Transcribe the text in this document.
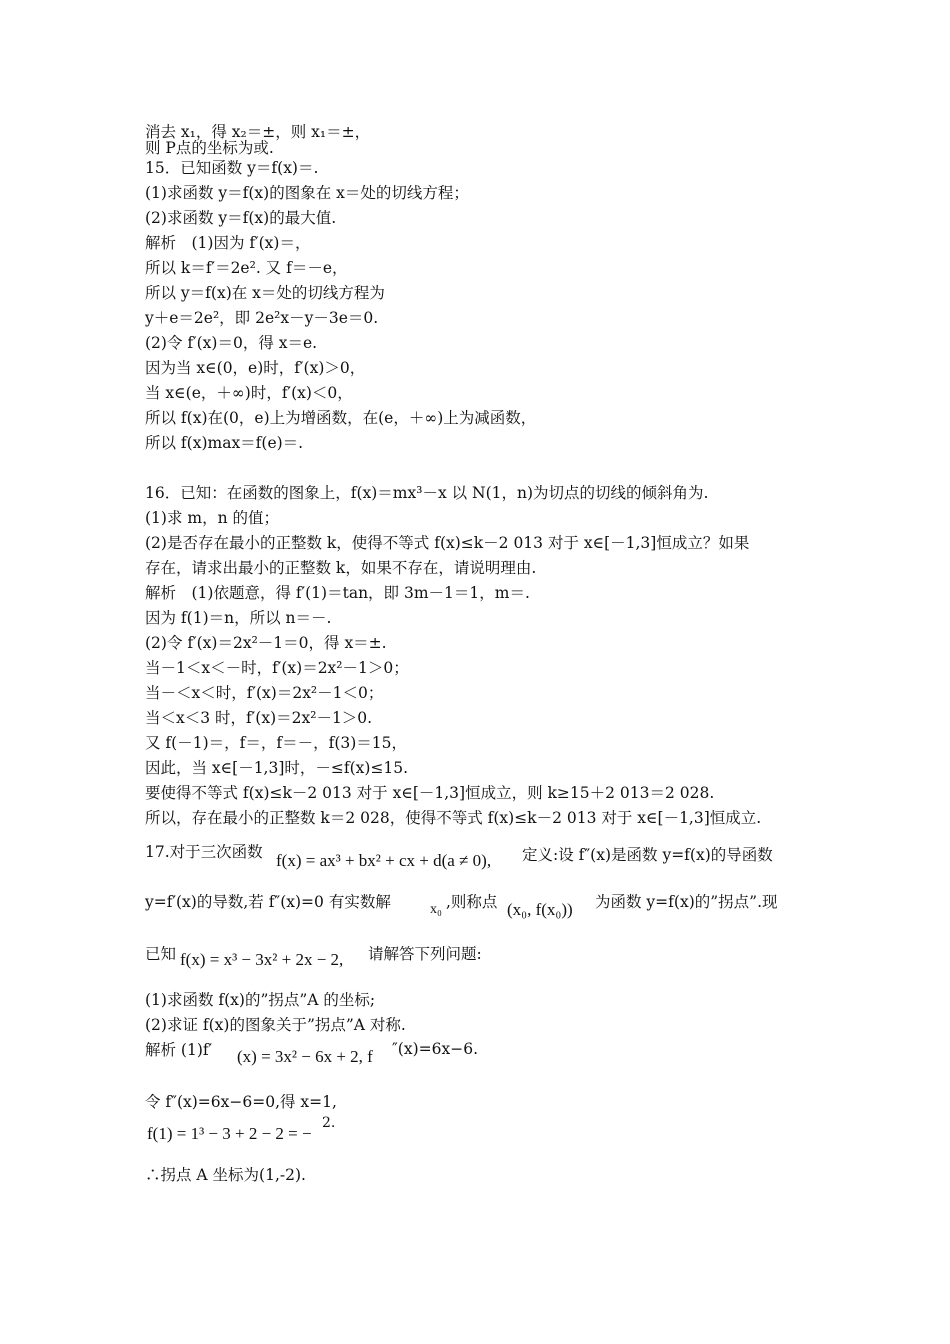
消去 x₁，得 x₂＝±，则 x₁＝±，
则 P点的坐标为或.
15．已知函数 y＝f(x)＝.
(1)求函数 y＝f(x)的图象在 x＝处的切线方程；
(2)求函数 y＝f(x)的最大值.
解析　(1)因为 f′(x)＝，
所以 k＝f′＝2e². 又 f＝－e，
所以 y＝f(x)在 x＝处的切线方程为
y＋e＝2e²，即 2e²x－y－3e＝0.
(2)令 f′(x)＝0，得 x＝e.
因为当 x∈(0，e)时，f′(x)＞0，
当 x∈(e，＋∞)时，f′(x)＜0，
所以 f(x)在(0，e)上为增函数，在(e，＋∞)上为减函数，
所以 f(x)max＝f(e)＝.
16．已知：在函数的图象上，f(x)＝mx³－x 以 N(1，n)为切点的切线的倾斜角为.
(1)求 m，n 的值；
(2)是否存在最小的正整数 k，使得不等式 f(x)≤k－2 013 对于 x∈[－1,3]恒成立？如果
存在，请求出最小的正整数 k，如果不存在，请说明理由.
解析　(1)依题意，得 f′(1)＝tan，即 3m－1＝1，m＝.
因为 f(1)＝n，所以 n＝－.
(2)令 f′(x)＝2x²－1＝0，得 x＝±.
当－1＜x＜－时，f′(x)＝2x²－1＞0；
当－＜x＜时，f′(x)＝2x²－1＜0；
当＜x＜3 时，f′(x)＝2x²－1＞0.
又 f(－1)＝，f＝，f＝－，f(3)＝15，
因此，当 x∈[－1,3]时，－≤f(x)≤15.
要使得不等式 f(x)≤k－2 013 对于 x∈[－1,3]恒成立，则 k≥15＋2 013＝2 028.
所以，存在最小的正整数 k＝2 028，使得不等式 f(x)≤k－2 013 对于 x∈[－1,3]恒成立.
17.对于三次函数 f(x) = ax³ + bx² + cx + d(a ≠ 0), 定义:设 f″(x)是函数 y=f(x)的导函数
y=f′(x)的导数,若 f″(x)=0 有实数解	x₀ ,则称点 (x₀, f(x₀)) 为函数 y=f(x)的”拐点”.现
已知 f(x) = x³ − 3x² + 2x − 2, 请解答下列问题:
(1)求函数 f(x)的”拐点”A 的坐标;
(2)求证 f(x)的图象关于”拐点”A 对称.
解析 (1)f′ (x) = 3x² − 6x + 2, f ″(x)=6x−6.
令 f″(x)=6x−6=0,得 x=1,
f(1) = 1³ − 3 + 2 − 2 = −
2.
∴拐点 A 坐标为(1,-2).
